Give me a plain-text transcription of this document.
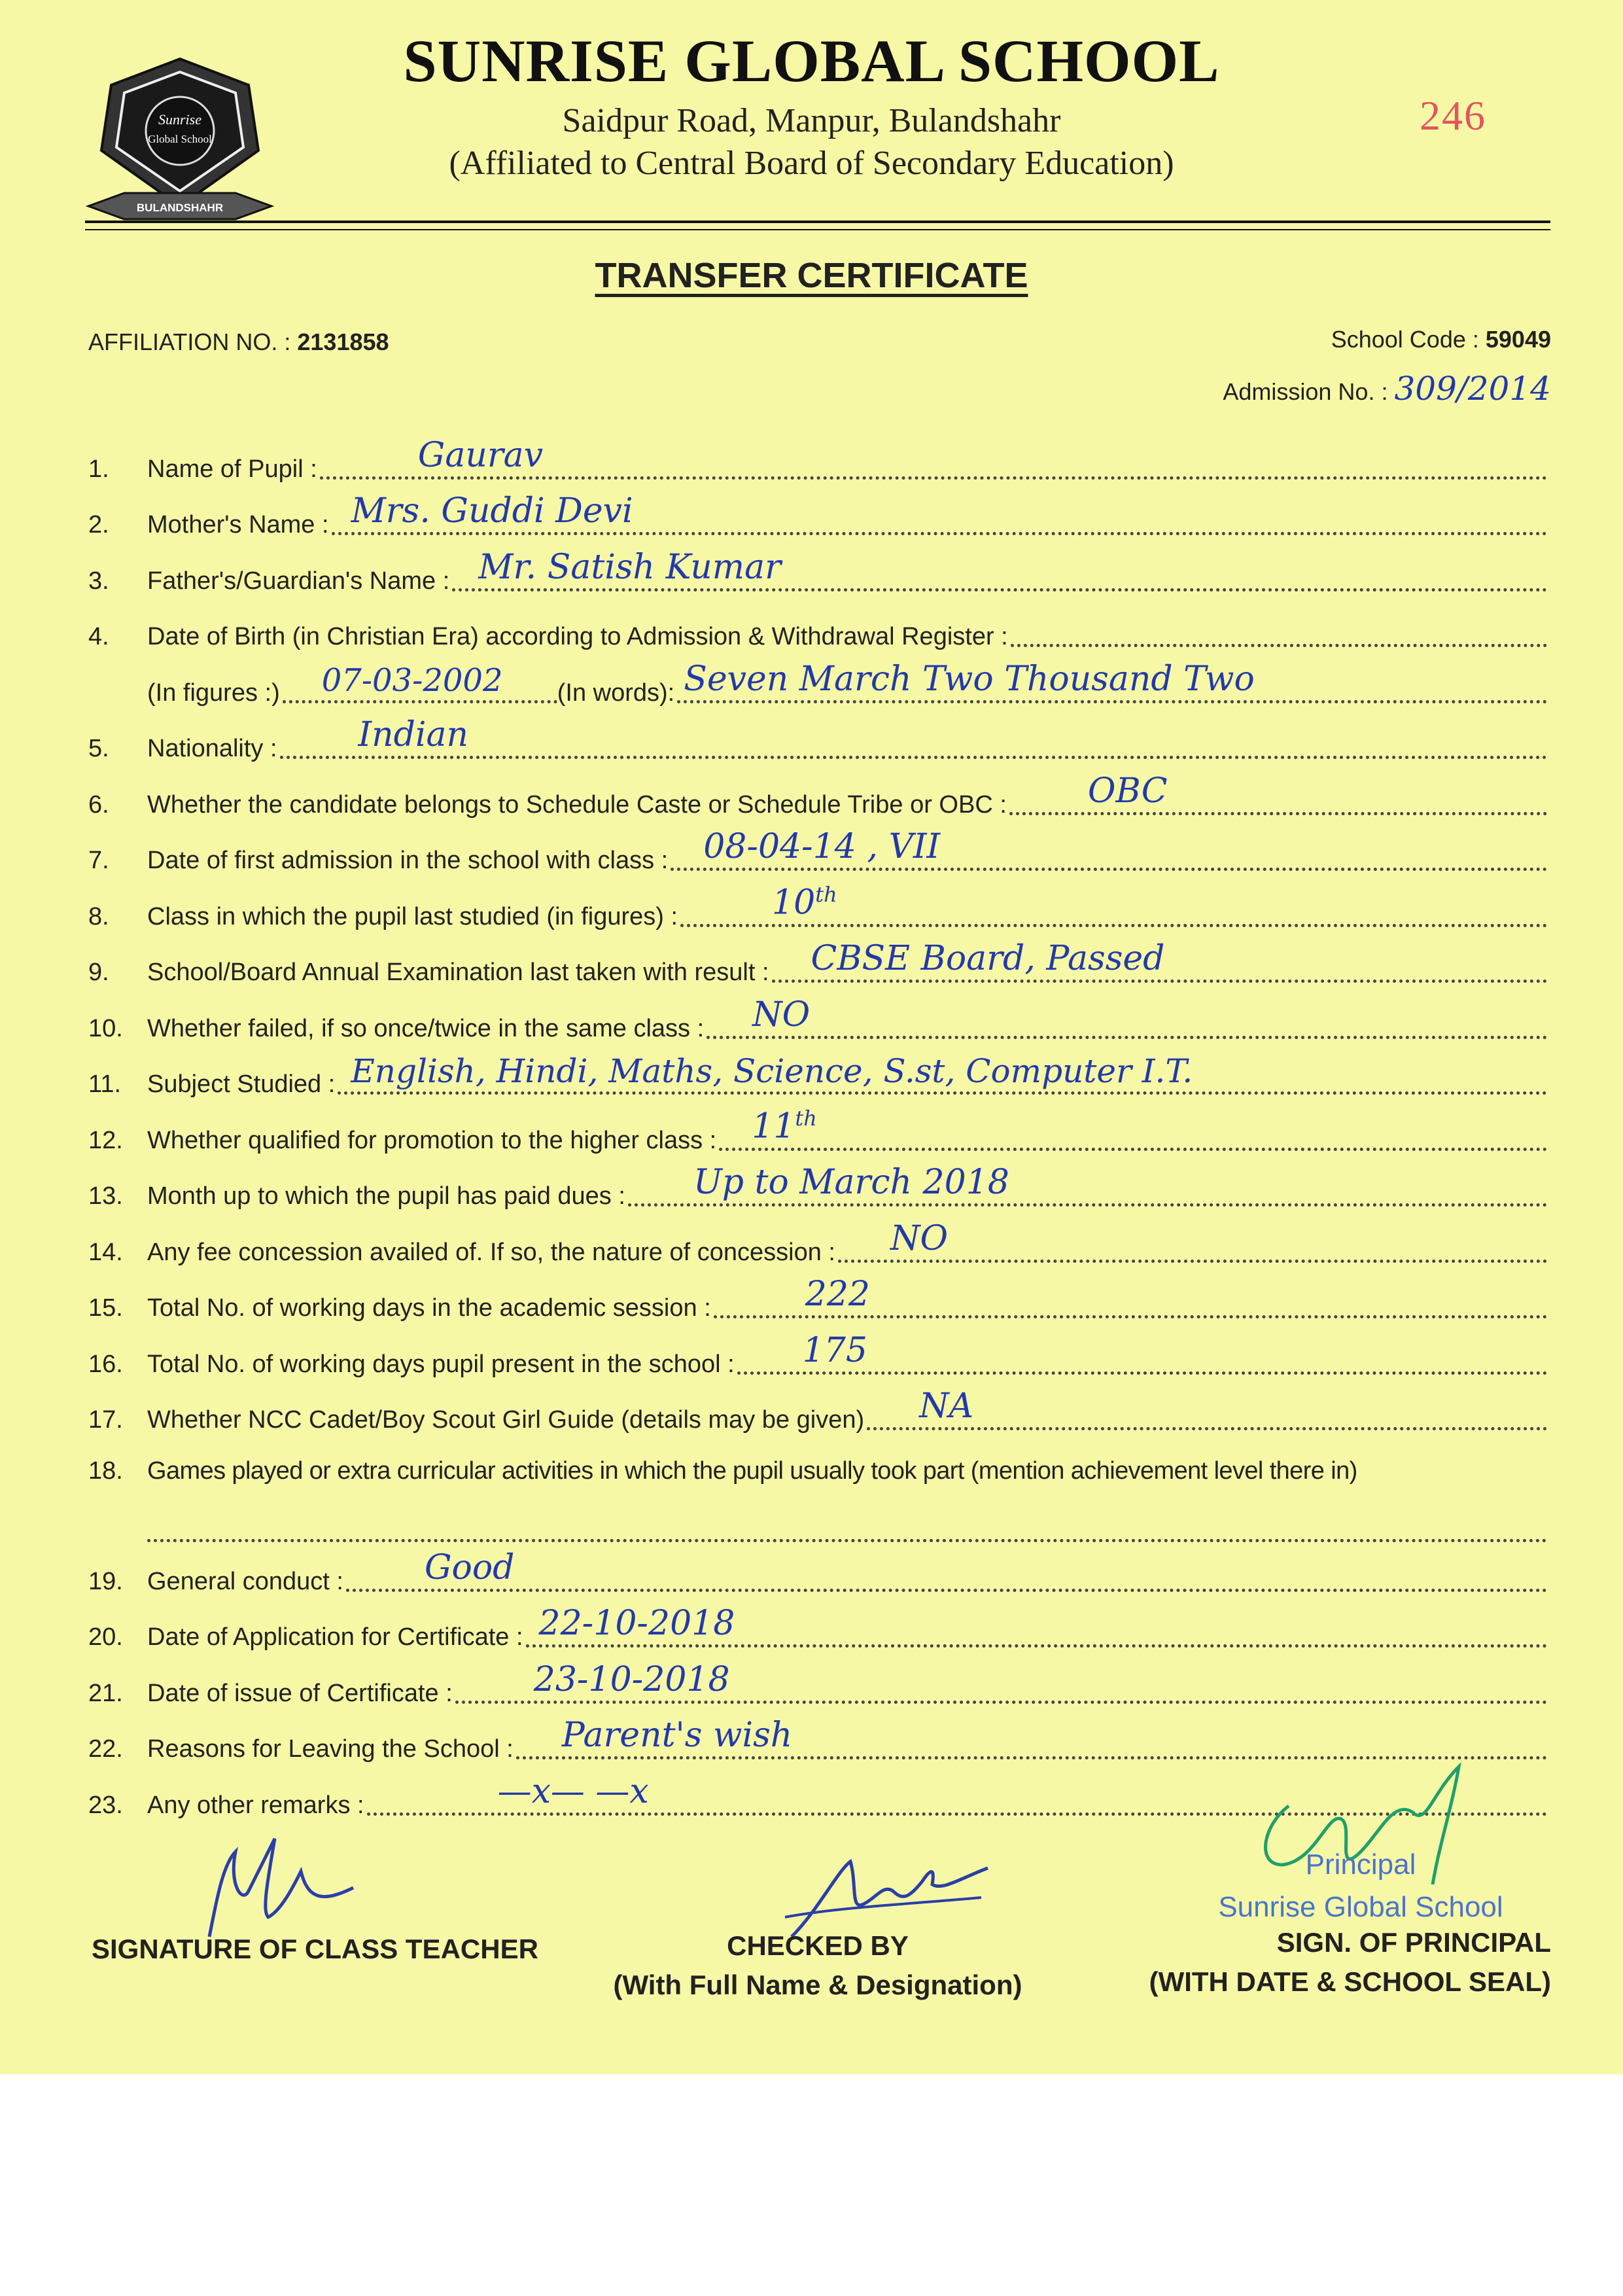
Sunrise
Global School
BULANDSHAHR
SUNRISE GLOBAL SCHOOL
Saidpur Road, Manpur, Bulandshahr
(Affiliated to Central Board of Secondary Education)
246
TRANSFER CERTIFICATE
AFFILIATION NO. : 2131858	School Code : 59049
Admission No. : 309/2014
1.	Name of Pupil :	Gaurav
2.	Mother's Name : Mrs. Guddi Devi
3.	Father's/Guardian's Name : Mr. Satish Kumar
4.	Date of Birth (in Christian Era) according to Admission & Withdrawal Register :
(In figures :) 07-03-2002 (In words): Seven March Two Thousand Two
5.	Nationality : Indian
6.	Whether the candidate belongs to Schedule Caste or Schedule Tribe or OBC : OBC
7.	Date of first admission in the school with class : 08-04-14 , VII
8.	Class in which the pupil last studied (in figures) :	10th
9.	School/Board Annual Examination last taken with result : CBSE Board, Passed
10. Whether failed, if so once/twice in the same class : NO
11.	Subject Studied : English, Hindi, Maths, Science, S.st, Computer I.T.
12. Whether qualified for promotion to the higher class : 11th
13. Month up to which the pupil has paid dues : Up to March 2018
14. Any fee concession availed of. If so, the nature of concession : NO
15. Total No. of working days in the academic session :	222
16. Total No. of working days pupil present in the school : 175
17. Whether NCC Cadet/Boy Scout Girl Guide (details may be given) NA
18. Games played or extra curricular activities in which the pupil usually took part (mention achievement level there in)
19. General conduct : Good
20. Date of Application for Certificate : 22-10-2018
21. Date of issue of Certificate : 23-10-2018
22. Reasons for Leaving the School : Parent's wish
23. Any other remarks :	—x— —x
Principal
Sunrise Global School
SIGNATURE OF CLASS TEACHER	CHECKED BY
(With Full Name & Designation)
SIGN. OF PRINCIPAL
(WITH DATE & SCHOOL SEAL)
